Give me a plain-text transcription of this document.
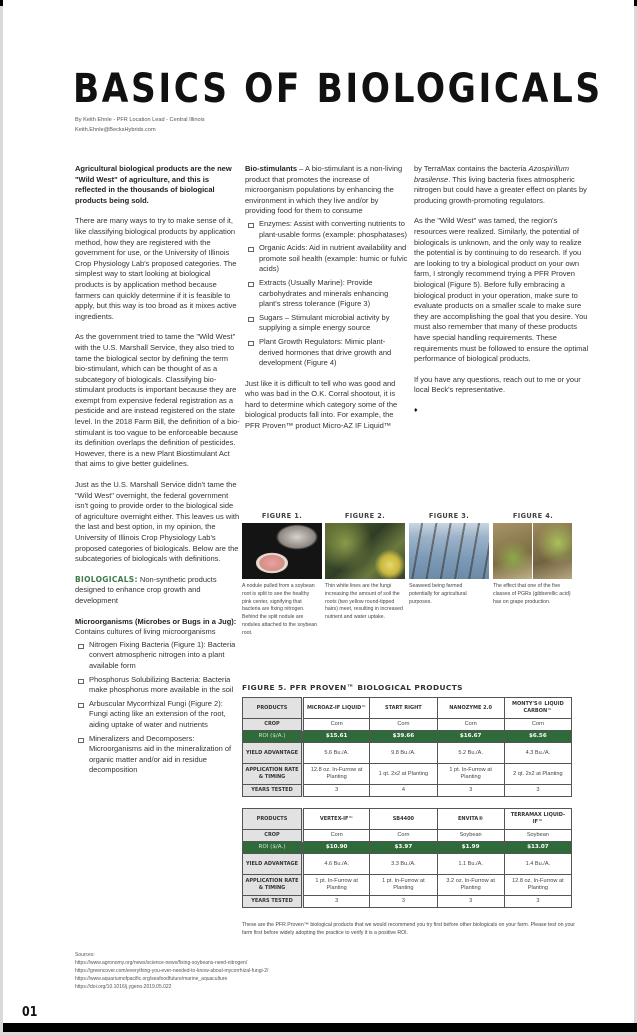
BASICS OF BIOLOGICALS
By Keith Ehnle - PFR Location Lead - Central Illinois
Keith.Ehnle@BecksHybrids.com

Agricultural biological products are the new "Wild West" of agriculture, and this is reflected in the thousands of biological products being sold.

There are many ways to try to make sense of it, like classifying biological products by application method, how they are registered with the government for use, or the University of Illinois Crop Physiology Lab's proposed categories. The simplest way to start looking at biological products is by application method because farmers can quickly determine if it is feasible to apply, but this way is too broad as it mixes active ingredients.

As the government tried to tame the "Wild West" with the U.S. Marshall Service, they also tried to tame the biological sector by defining the term bio-stimulant, which can be thought of as a subcategory of biologicals. Classifying bio-stimulant products is important because they are exempt from expensive federal registration as a pesticide and are instead registered on the state level. In the 2018 Farm Bill, the definition of a bio-stimulant is too vague to be enforceable because its definition overlaps the definition of pesticides. However, there is a new Plant Biostimulant Act that aims to give better guidelines.

Just as the U.S. Marshall Service didn't tame the "Wild West" overnight, the federal government isn't going to provide order to the biological side of agriculture overnight either. This leaves us with the last and best option, in my opinion, the University of Illinois Crop Physiology Lab's proposed categories of biologicals. Below are the subcategories of biologicals with definitions.

BIOLOGICALS: Non-synthetic products designed to enhance crop growth and development

Microorganisms (Microbes or Bugs in a Jug): Contains cultures of living microorganisms

Nitrogen Fixing Bacteria (Figure 1): Bacteria convert atmospheric nitrogen into a plant available form
Phosphorus Solubilizing Bacteria: Bacteria make phosphorus more available in the soil
Arbuscular Mycorrhizal Fungi (Figure 2): Fungi acting like an extension of the root, aiding uptake of water and nutrients
Mineralizers and Decomposers: Microorganisms aid in the mineralization of organic matter and/or aid in residue decomposition

Bio-stimulants – A bio-stimulant is a non-living product that promotes the increase of microorganism populations by enhancing the environment in which they live and/or by providing food for them to consume

Enzymes: Assist with converting nutrients to plant-usable forms (example: phosphatases)
Organic Acids: Aid in nutrient availability and promote soil health (example: humic or fulvic acids)
Extracts (Usually Marine): Provide carbohydrates and minerals enhancing plant's stress tolerance (Figure 3)
Sugars – Stimulant microbial activity by supplying a simple energy source
Plant Growth Regulators: Mimic plant-derived hormones that drive growth and development (Figure 4)

Just like it is difficult to tell who was good and who was bad in the O.K. Corral shootout, it is hard to determine which category some of the biological products fall into. For example, the PFR Proven™ product Micro-AZ IF Liquid™

by TerraMax contains the bacteria Azospirillum brasilense. This living bacteria fixes atmospheric nitrogen but could have a greater effect on plants by producing growth-promoting regulators.

As the "Wild West" was tamed, the region's resources were realized. Similarly, the potential of biologicals is unknown, and the only way to realize the potential is by continuing to do research. If you are looking to try a biological product on your own farm, I strongly recommend trying a PFR Proven biological (Figure 5). Before fully embracing a biological product in your operation, make sure to evaluate products on a smaller scale to make sure they are accomplishing the goal that you desire. You must also remember that many of these products have special handling requirements. These requirements must be followed to ensure the optimal performance of biological products.

If you have any questions, reach out to me or your local Beck's representative.

♦

FIGURE 1.	FIGURE 2.	FIGURE 3.	FIGURE 4.
A nodule pulled from a soybean root is split to see the healthy pink center, signifying that bacteria are fixing nitrogen. Behind the split nodule are nodules attached to the soybean root.
Thin white lines are the fungi increasing the amount of soil the roots (two yellow round-tipped hairs) meet, resulting in increased nutrient and water uptake.
Seaweed being farmed potentially for agricultural purposes.
The effect that one of the five classes of PGRs (gibberellic acid) has on grape production.
FIGURE 5. PFR PROVEN™ BIOLOGICAL PRODUCTS
PRODUCTS	MICROAZ-IF LIQUID™	START RIGHT	NANOZYME 2.0	MONTY'S® LIQUID CARBON™
CROP	Corn	Corn	Corn	Corn
ROI ($/A.)	$15.61	$39.66	$16.67	$6.56
YIELD ADVANTAGE	5.6 Bu./A.	9.8 Bu./A.	5.2 Bu./A.	4.3 Bu./A.
APPLICATION RATE & TIMING	12.8 oz. In-Furrow at Planting	1 qt. 2x2 at Planting	1 pt. In-Furrow at Planting	2 qt. 2x2 at Planting
YEARS TESTED	3	4	3	3
PRODUCTS	VERTEX-IF™	SB4400	ENVITA®	TERRAMAX LIQUID-IF™
CROP	Corn	Corn	Soybean	Soybean
ROI ($/A.)	$10.90	$3.97	$1.99	$13.07
YIELD ADVANTAGE	4.6 Bu./A.	3.3 Bu./A.	1.1 Bu./A.	1.4 Bu./A.
APPLICATION RATE & TIMING	1 pt. In-Furrow at Planting	1 pt. In-Furrow at Planting	3.2 oz. In-Furrow at Planting	12.8 oz. In-Furrow at Planting
YEARS TESTED	3	3	3	3
These are the PFR Proven™ biological products that we would recommend you try first before other biologicals on your farm. Please test on your farm first before widely adopting the practice to verify it is a positive ROI.
Sources:
https://www.agronomy.org/news/science-news/fixing-soybeans-need-nitrogen/
https://greencover.com/everything-you-ever-needed-to-know-about-mycorrhizal-fungi-2/
https://www.aquariumofpacific.org/seafoodfuture/marine_aquaculture
https://doi.org/10.1016/j.ygeno.2019.05.022
01
